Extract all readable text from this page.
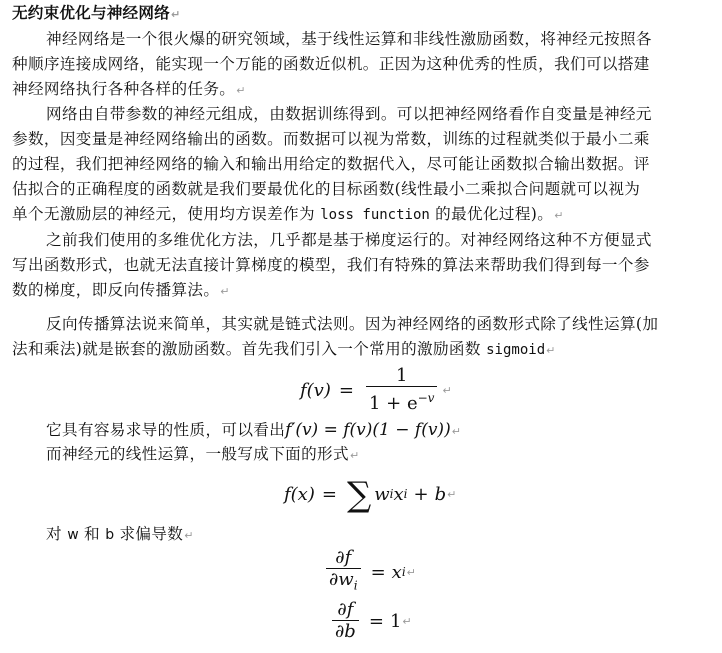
无约束优化与神经网络↵
神经网络是一个很火爆的研究领域，基于线性运算和非线性激励函数，将神经元按照各
种顺序连接成网络，能实现一个万能的函数近似机。正因为这种优秀的性质，我们可以搭建
神经网络执行各种各样的任务。↵
网络由自带参数的神经元组成，由数据训练得到。可以把神经网络看作自变量是神经元
参数，因变量是神经网络输出的函数。而数据可以视为常数，训练的过程就类似于最小二乘
的过程，我们把神经网络的输入和输出用给定的数据代入，尽可能让函数拟合输出数据。评
估拟合的正确程度的函数就是我们要最优化的目标函数(线性最小二乘拟合问题就可以视为
单个无激励层的神经元，使用均方误差作为 loss function 的最优化过程)。↵
之前我们使用的多维优化方法，几乎都是基于梯度运行的。对神经网络这种不方便显式
写出函数形式，也就无法直接计算梯度的模型，我们有特殊的算法来帮助我们得到每一个参
数的梯度，即反向传播算法。↵
反向传播算法说来简单，其实就是链式法则。因为神经网络的函数形式除了线性运算(加
法和乘法)就是嵌套的激励函数。首先我们引入一个常用的激励函数 sigmoid↵
$f(v) = \frac{1}{1 + e^{-v}}$ ↵
它具有容易求导的性质，可以看出f′(v) = f(v)(1 − f(v))↵
而神经元的线性运算，一般写成下面的形式↵
f(x) = ∑ w i x i + b ↵
对 w 和 b 求偏导数↵
$\frac{\partial f}{\partial w_i} = x$ i ↵
$\frac{\partial f}{\partial b} = 1$ ↵
